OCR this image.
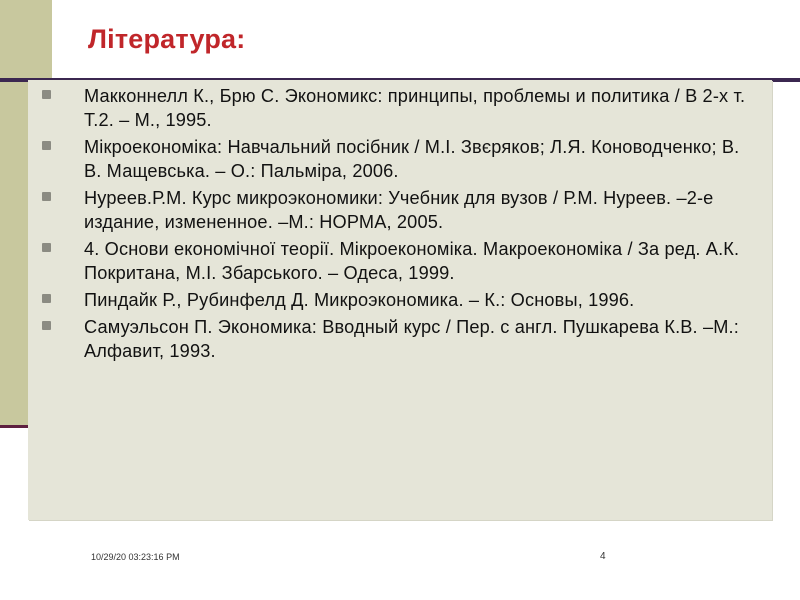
Література:
Макконнелл К., Брю С. Экономикс: принципы, проблемы и политика / В 2-х т. Т.2. – М., 1995.
Мікроекономіка: Навчальний посібник / М.І. Звєряков; Л.Я. Коноводченко; В. В. Мащевська. – О.: Пальміра, 2006.
Нуреев.Р.М. Курс микроэкономики: Учебник для вузов / Р.М. Нуреев. –2-е издание, измененное. –М.: НОРМА, 2005.
4. Основи економічної теорії. Мікроекономіка. Макроекономіка / За ред. А.К. Покритана, М.І. Збарського. – Одеса, 1999.
Пиндайк Р., Рубинфелд Д. Микроэкономика. – К.: Основы, 1996.
Самуэльсон П. Экономика: Вводный курс / Пер. с англ. Пушкарева К.В. –М.: Алфавит, 1993.
10/29/20 03:23:16 PM	4
